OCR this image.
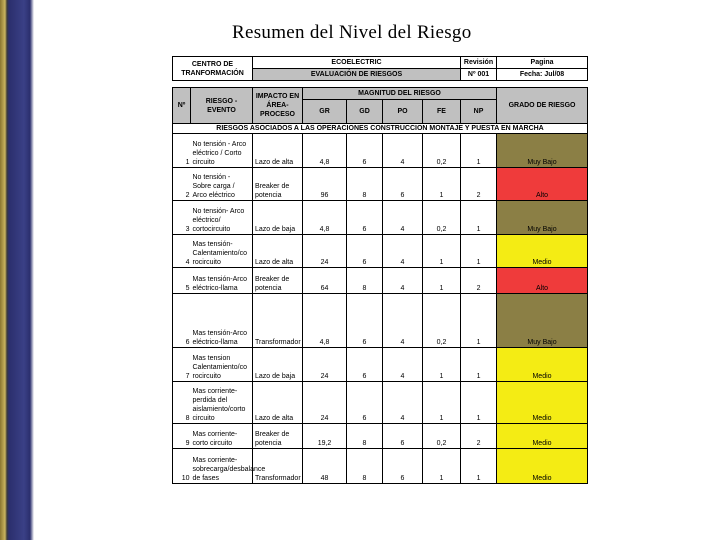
Resumen del Nivel del Riesgo
CENTRO DE TRANFORMACIÓN		ECOELECTRIC					Revisión	Pagina
		EVALUACIÓN DE RIESGOS					Nº 001	Fecha: Jul/08

Nº	RIESGO - EVENTO	IMPACTO EN ÁREA-PROCESO	MAGNITUD DEL RIESGO					GRADO DE RIESGO
			GR	GD	PO	FE	NP	
RIESGOS ASOCIADOS A LAS OPERACIONES CONSTRUCCION MONTAJE Y PUESTA EN MARCHA								
1	No tensión - Arco eléctrico / Corto circuito	Lazo de alta	4,8	6	4	0,2	1	Muy Bajo
2	No tensión - Sobre carga / Arco eléctrico	Breaker de potencia	96	8	6	1	2	Alto
3	No tensión- Arco eléctrico/ cortocircuito	Lazo de baja	4,8	6	4	0,2	1	Muy Bajo
4	Mas tensión-Calentamiento/co rocircuito	Lazo de alta	24	6	4	1	1	Medio
5	Mas tensión-Arco eléctrico-llama	Breaker de potencia	64	8	4	1	2	Alto
6	Mas tensión-Arco eléctrico-llama	Transformador	4,8	6	4	0,2	1	Muy Bajo
7	Mas tension Calentamiento/co rocircuito	Lazo de baja	24	6	4	1	1	Medio
8	Mas corriente-perdida del aislamiento/corto circuito	Lazo de alta	24	6	4	1	1	Medio
9	Mas corriente-corto circuito	Breaker de potencia	19,2	8	6	0,2	2	Medio
10	Mas corriente-sobrecarga/desbalance de fases	Transformador	48	8	6	1	1	Medio
